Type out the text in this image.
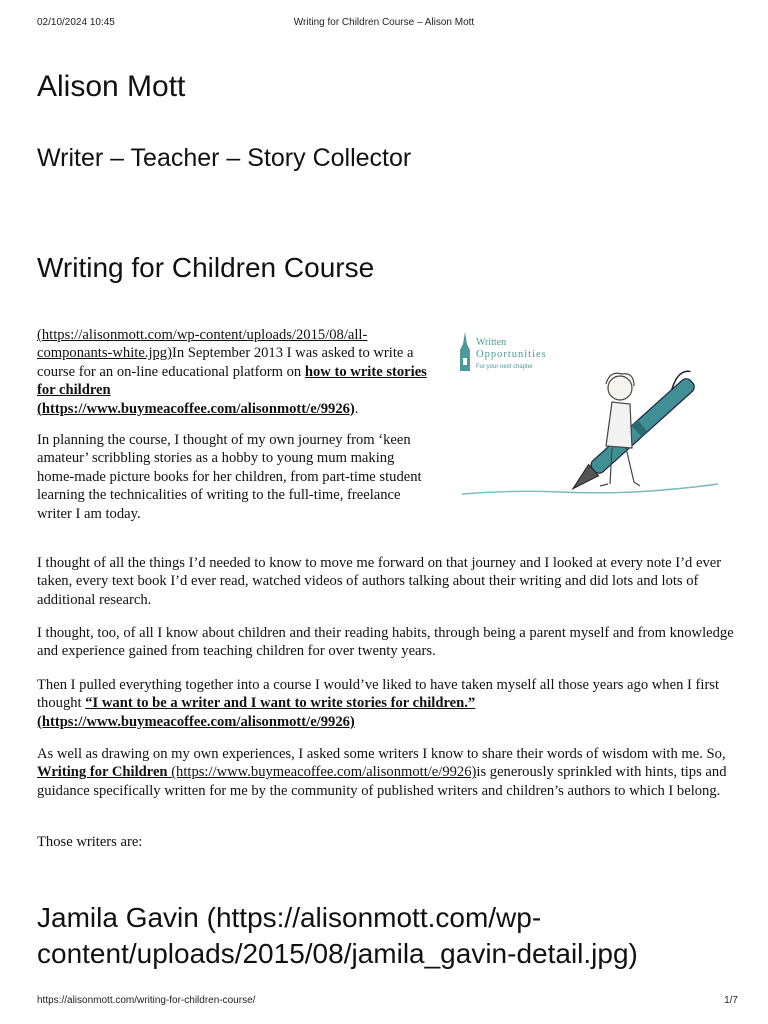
02/10/2024 10:45	Writing for Children Course – Alison Mott
Alison Mott
Writer – Teacher – Story Collector
Writing for Children Course

(https://alisonmott.com/wp-content/uploads/2015/08/all-componants-white.jpg)In September 2013 I was asked to write a course for an on-line educational platform on how to write stories for children (https://www.buymeacoffee.com/alisonmott/e/9926).

In planning the course, I thought of my own journey from ‘keen amateur’ scribbling stories as a hobby to young mum making home-made picture books for her children, from part-time student learning the technicalities of writing to the full-time, freelance writer I am today.

Written
Opportunities
For your next chapter

I thought of all the things I’d needed to know to move me forward on that journey and I looked at every note I’d ever taken, every text book I’d ever read, watched videos of authors talking about their writing and did lots and lots of additional research.

I thought, too, of all I know about children and their reading habits, through being a parent myself and from knowledge and experience gained from teaching children for over twenty years.

Then I pulled everything together into a course I would’ve liked to have taken myself all those years ago when I first thought “I want to be a writer and I want to write stories for children.” (https://www.buymeacoffee.com/alisonmott/e/9926)

As well as drawing on my own experiences, I asked some writers I know to share their words of wisdom with me. So, Writing for Children (https://www.buymeacoffee.com/alisonmott/e/9926)is generously sprinkled with hints, tips and guidance specifically written for me by the community of published writers and children’s authors to which I belong.

Those writers are:

Jamila Gavin (https://alisonmott.com/wp-content/uploads/2015/08/jamila_gavin-detail.jpg)
https://alisonmott.com/writing-for-children-course/	1/7
